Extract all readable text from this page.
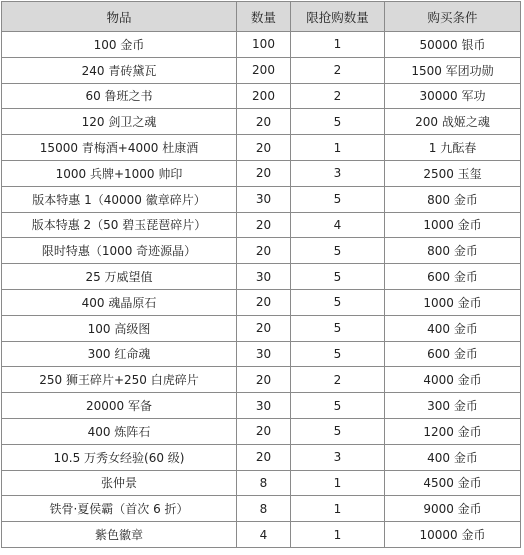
物品	数量	限抢购数量	购买条件
100 金币	100	1	50000 银币
240 青砖黛瓦	200	2	1500 军团功勋
60 鲁班之书	200	2	30000 军功
120 剑卫之魂	20	5	200 战姬之魂
15000 青梅酒+4000 杜康酒	20	1	1 九酝春
1000 兵牌+1000 帅印	20	3	2500 玉玺
版本特惠 1（40000 徽章碎片）	30	5	800 金币
版本特惠 2（50 碧玉琵琶碎片）	20	4	1000 金币
限时特惠（1000 奇迹源晶）	20	5	800 金币
25 万威望值	30	5	600 金币
400 魂晶原石	20	5	1000 金币
100 高级图	20	5	400 金币
300 红命魂	30	5	600 金币
250 狮王碎片+250 白虎碎片	20	2	4000 金币
20000 军备	30	5	300 金币
400 炼阵石	20	5	1200 金币
10.5 万秀女经验(60 级)	20	3	400 金币
张仲景	8	1	4500 金币
铁骨·夏侯霸（首次 6 折）	8	1	9000 金币
紫色徽章	4	1	10000 金币
